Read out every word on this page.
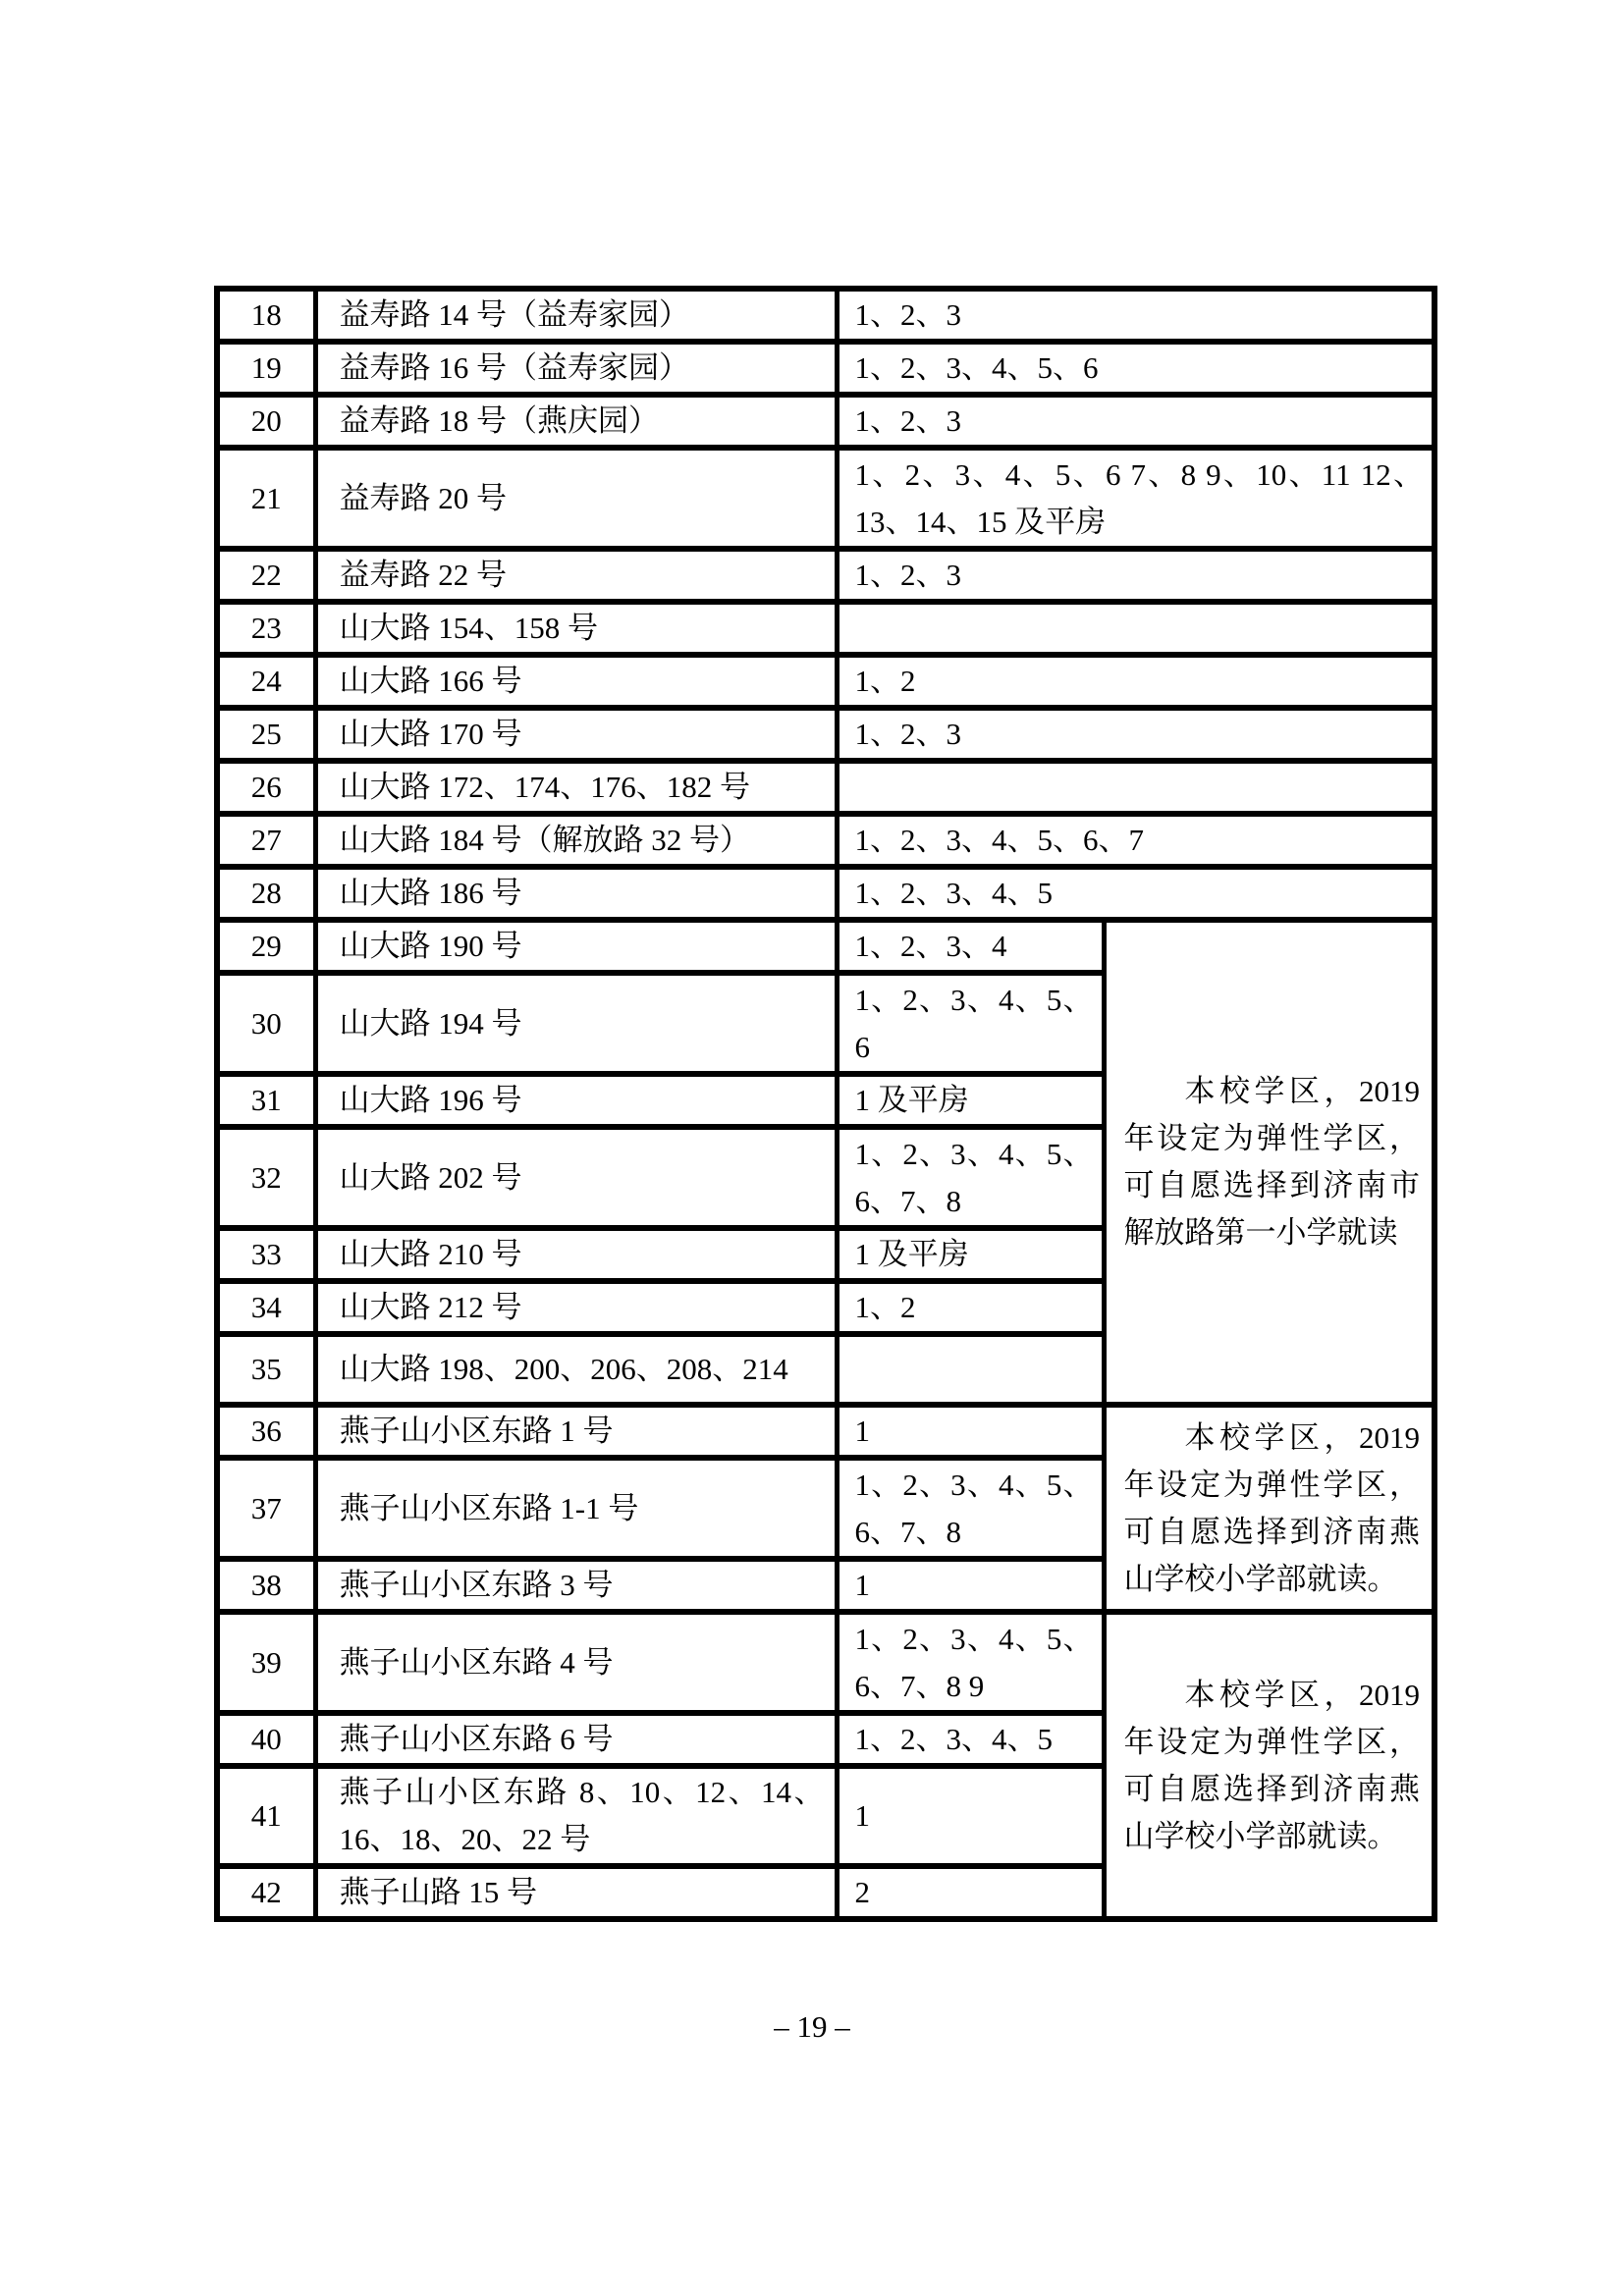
18	益寿路 14 号（益寿家园）	1、2、3	
19	益寿路 16 号（益寿家园）	1、2、3、4、5、6	
20	益寿路 18 号（燕庆园）	1、2、3	
21	益寿路 20 号	1、2、3、4、5、6 7、8 9、10、11 12、13、14、15 及平房	
22	益寿路 22 号	1、2、3	
23	山大路 154、158 号		
24	山大路 166 号	1、2	
25	山大路 170 号	1、2、3	
26	山大路 172、174、176、182 号		
27	山大路 184 号（解放路 32 号）	1、2、3、4、5、6、7	
28	山大路 186 号	1、2、3、4、5	
29	山大路 190 号	1、2、3、4	本校学区，2019年设定为弹性学区，可自愿选择到济南市解放路第一小学就读
30	山大路 194 号	1、2、3、4、5、6	
31	山大路 196 号	1 及平房	
32	山大路 202 号	1、2、3、4、5、6、7、8	
33	山大路 210 号	1 及平房	
34	山大路 212 号	1、2	
35	山大路 198、200、206、208、214		
36	燕子山小区东路 1 号	1	本校学区，2019年设定为弹性学区，可自愿选择到济南燕山学校小学部就读。
37	燕子山小区东路 1-1 号	1、2、3、4、5、6、7、8	
38	燕子山小区东路 3 号	1	
39	燕子山小区东路 4 号	1、2、3、4、5、6、7、8 9	本校学区，2019年设定为弹性学区，可自愿选择到济南燕山学校小学部就读。
40	燕子山小区东路 6 号	1、2、3、4、5	
41	燕子山小区东路 8、10、12、14、16、18、20、22 号	1	
42	燕子山路 15 号	2	
– 19 –
